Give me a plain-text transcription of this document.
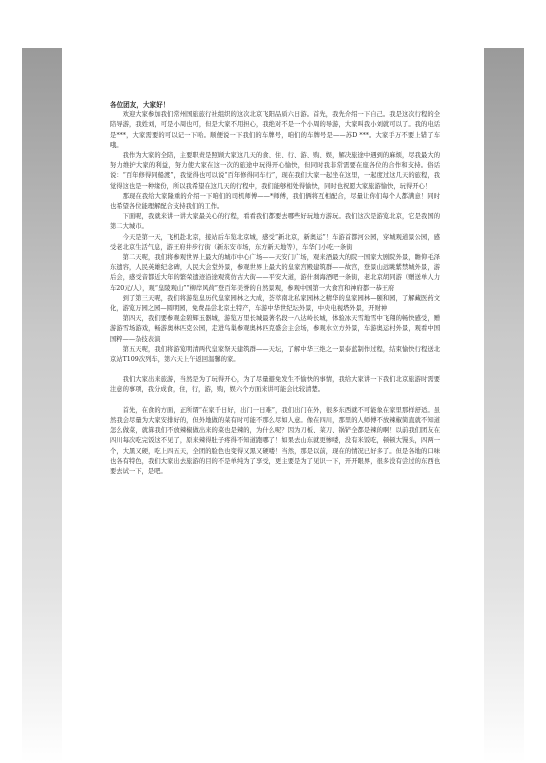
各位团友，大家好！

欢迎大家参加我们常州国旅旅行社组织的这次北京飞阳品质六日游。首先，我先介绍一下自己。我是这次行程的全陪导游，我姓刘，可是小周也可，但是大家不用担心，我绝对不是一个小周的导游，大家叫我小刘就可以了。我的电话是***，大家需要的可以记一下哈。顺便说一下我们的车牌号，咱们的车牌号是——苏D ***。大家手万不要上错了车哦。

我作为大家的全陪，主要职责是照顾大家这几天的食、住、行、游、购、娱，解决旅途中遇到的麻烦，尽我最大的努力维护大家的利益，努力使大家在这一次的旅途中玩得开心愉快，但同时我非常需要在座各位的合作和支持。俗话说：“百年修得同船渡”，我觉得也可以说“百年修得同车行”，现在我们大家一起坐在这里，一起度过这几天的旅程，我觉得这也是一种缘份，所以我希望在这几天的行程中，我们能够相处得愉快，同时也祝愿大家旅游愉快，玩得开心！

那现在我给大家隆重的介绍一下咱们的司机师傅——*师傅，我们俩将互相配合，尽量让你们每个人都满意！同时也希望各位能理解配合支持我们的工作。

下面呢，我就来讲一讲大家最关心的行程，看看我们都要去哪些好玩地方游玩。我们这次是游览北京，它是我国的第二大城市。

今天是第一天，飞机赴北京，接站后车览北京城，感受“新北京，新奥运”！车游首都河公园，穿城观道景公园，感受老北京生活气息，游王府井步行街（新东安市场，东方新天地等），车华门小吃一条街

第二天呢，我们将参观世界上最大的城市中心广场——天安门广场，观来酒最大的院一国家大剧院外景，瞻仰毛泽东遗容，人民英雄纪念碑，人民大会堂外景，参观世界上最大的皇家宫殿建筑群——故宫，登景山远眺紫禁城外景，游后会，感受音都近大年的繁荣遗迹沿途观赏仿古大街——平安大道，游什刹海酒吧一条街，老北京胡同游（赠送单人力车20元/人），观“皇陵观山”“柳岸风荷”登百年美誉的自然景观，参观中国第一大食宫和神府都一恭王府

到了第三天呢，我们将游览皇历代皇家园林之大成，荟萃南北私家园林之精华的皇家园林—颐和园，了解藏医药文化，游览万园之园—圆明园，免费品尝北京土特产，车游中华世纪坛外景，中央电视塔外景，开财神

第四天，我们要参观金碧辉玉器城，游览万里长城最著名段一八达岭长城，体验冰天雪地雪中飞翔的畅快感受，赠游游雪场游戏，畅游奥林匹克公园，走进鸟巢参观奥林匹克盛会主会场，参观水立方外景，车游奥运村外景，观看中国国粹——杂技表演

第五天呢，我们将游览明清两代皇家祭天建筑群——天坛，了解中华三绝之一景泰蓝制作过程，结束愉快行程送北京站T109次列车，第六天上午返回温馨的家。

我们大家出来旅游，当然是为了玩得开心，为了尽量避免发生不愉快的事情，我给大家讲一下我们北京旅游时需要注意的事项，我分成食，住，行，游，购，娱六个方面来讲可能会比较清楚。

首先，在食的方面，正所谓“在家千日好，出门一日难”，我们出门在外，很多东西就不可能象在家里那样舒适。虽然我会尽量为大家安排好的，但外地做的菜有时可能不那么尽如人意。像在四川，那里的人师傅不放辣椒简直就不知道怎么做菜，就算我们不放辣椒做出来的菜也是辣的，为什么呢？因为刀板、菜刀、锅铲全都是辣的啊！以前我们团友在四川每次吃完饭这不见了，原来辣得肚子疼得不知道跑哪了！如果去山东就更惨喽，没有米饭吃，顿顿大馒头，四两一个，大黑又硬，吃上四五天，全团的脸色也变得又黑又硬喽！当然，那是以前，现在的情况已好多了。但是各地的口味也各有特色，我们大家出去旅游的目的不是单纯为了享受，更主要是为了见识一下，开开眼界，很多没有尝过的东西也要去试一下，是吧。
